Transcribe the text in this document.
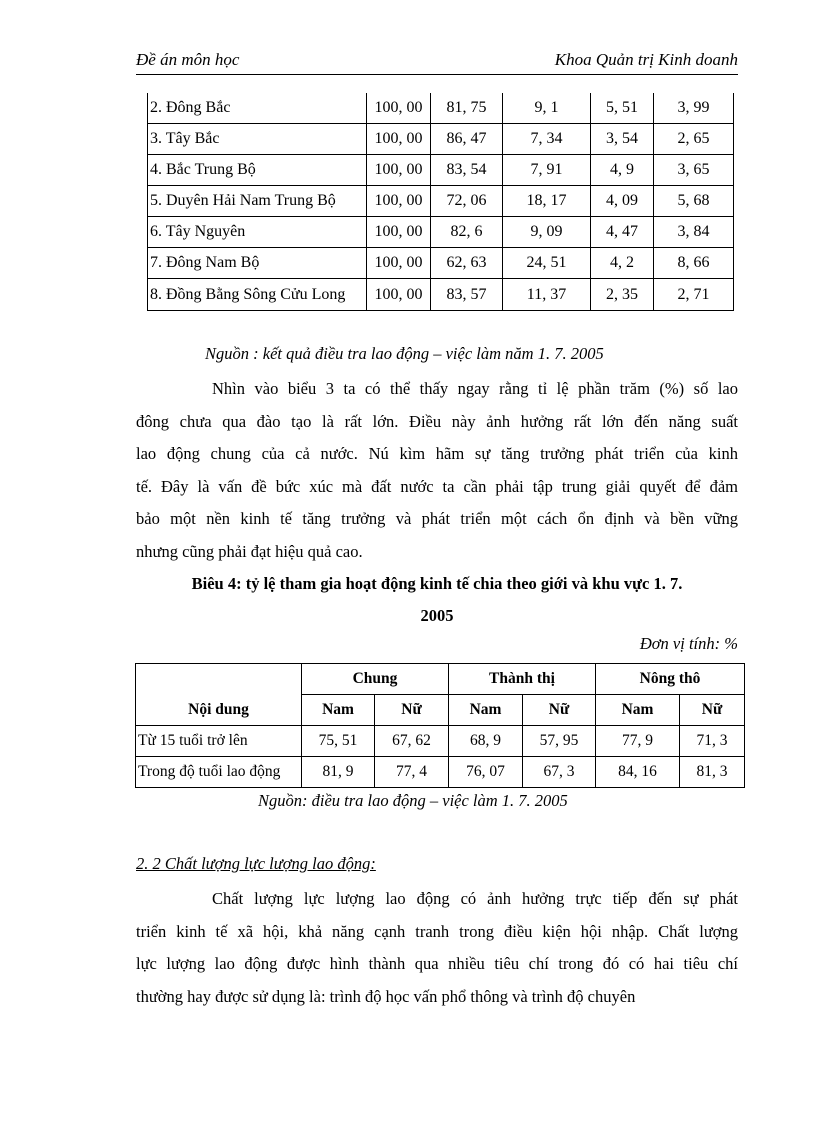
Đề án môn học	Khoa Quản trị Kinh doanh
2. Đông Bắc	100, 00	81, 75	9, 1	5, 51	3, 99
3. Tây Bắc	100, 00	86, 47	7, 34	3, 54	2, 65
4. Bắc Trung Bộ	100, 00	83, 54	7, 91	4, 9	3, 65
5. Duyên Hải Nam Trung Bộ	100, 00	72, 06	18, 17	4, 09	5, 68
6. Tây Nguyên	100, 00	82, 6	9, 09	4, 47	3, 84
7. Đông Nam Bộ	100, 00	62, 63	24, 51	4, 2	8, 66
8. Đồng Bằng Sông Cửu Long	100, 00	83, 57	11, 37	2, 35	2, 71
Nguồn : kết quả điều tra lao động – việc làm năm 1. 7. 2005
Nhìn vào biểu 3 ta có thể thấy ngay rằng tỉ lệ phần trăm (%) số lao
đông chưa qua đào tạo là rất lớn. Điều này ảnh hưởng rất lớn đến năng suất
lao động chung của cả nước. Nú kìm hãm sự tăng trưởng phát triển của kinh
tế. Đây là vấn đề bức xúc mà đất nước ta cần phải tập trung giải quyết để đảm
bảo một nền kinh tế tăng trưởng và phát triển một cách ổn định và bền vững
nhưng cũng phải đạt hiệu quả cao.
Biêu 4: tỷ lệ tham gia hoạt động kinh tế chia theo giới và khu vực 1. 7.
2005
Đơn vị tính: %
Nội dung	Chung		Thành thị		Nông thô	
	Nam	Nữ	Nam	Nữ	Nam	Nữ
Từ 15 tuổi trở lên	75, 51	67, 62	68, 9	57, 95	77, 9	71, 3
Trong độ tuổi lao động	81, 9	77, 4	76, 07	67, 3	84, 16	81, 3
Nguồn: điều tra lao động – việc làm 1. 7. 2005
2. 2 Chất lượng lực lượng lao động:
Chất lượng lực lượng lao động có ảnh hưởng trực tiếp đến sự phát
triển kinh tế xã hội, khả năng cạnh tranh trong điều kiện hội nhập. Chất lượng
lực lượng lao động được hình thành qua nhiều tiêu chí trong đó có hai tiêu chí
thường hay được sử dụng là: trình độ học vấn phổ thông và trình độ chuyên
